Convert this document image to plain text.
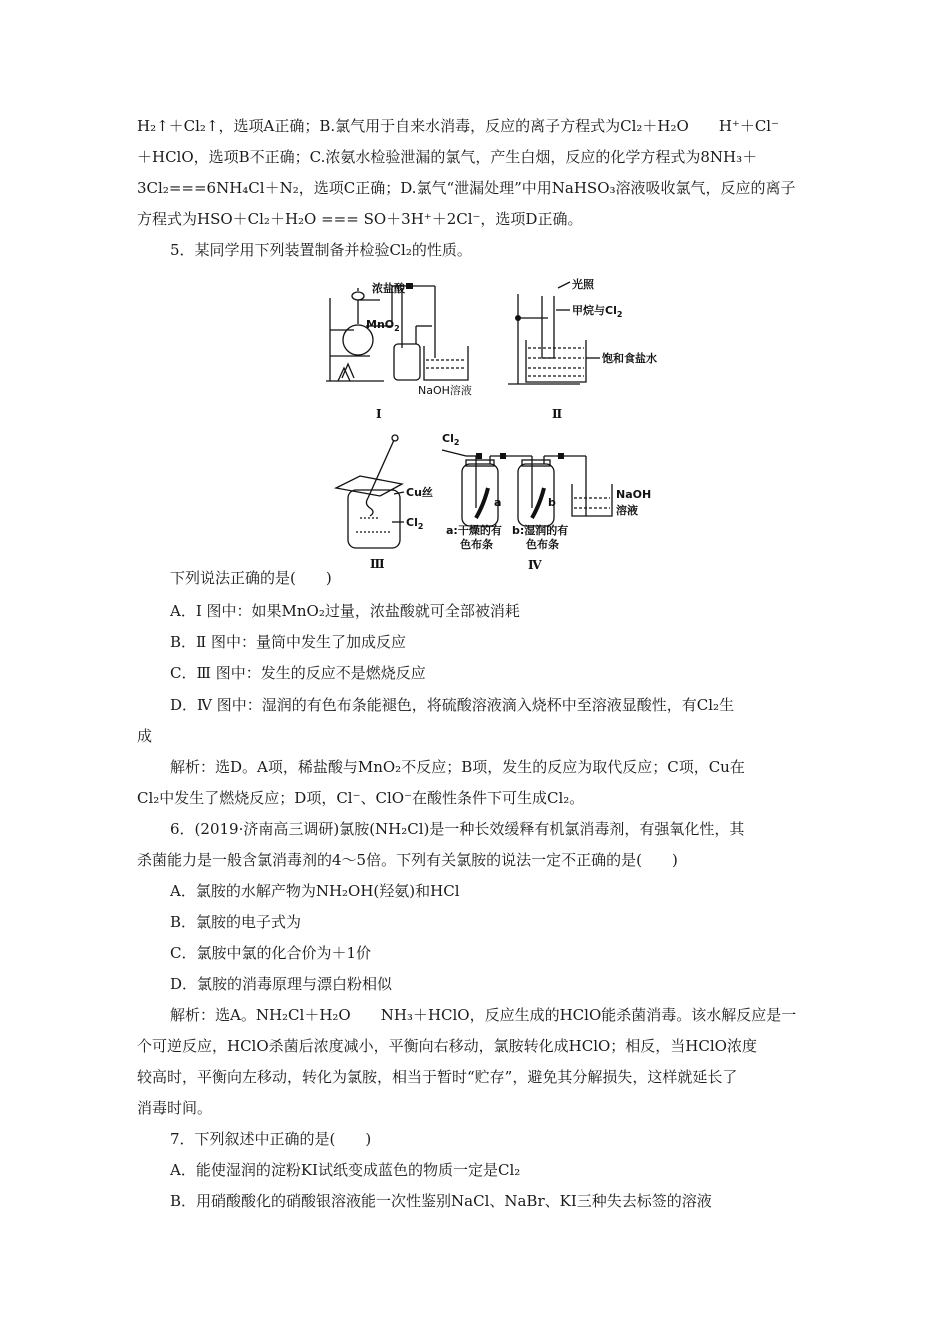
H₂↑＋Cl₂↑，选项A正确；B.氯气用于自来水消毒，反应的离子方程式为Cl₂＋H₂O　　H⁺＋Cl⁻
＋HClO，选项B不正确；C.浓氨水检验泄漏的氯气，产生白烟，反应的化学方程式为8NH₃＋
3Cl₂===6NH₄Cl＋N₂，选项C正确；D.氯气“泄漏处理”中用NaHSO₃溶液吸收氯气，反应的离子
方程式为HSO＋Cl₂＋H₂O === SO＋3H⁺＋2Cl⁻，选项D正确。
5．某同学用下列装置制备并检验Cl₂的性质。
下列说法正确的是(　　)
A．Ⅰ 图中：如果MnO₂过量，浓盐酸就可全部被消耗
B．Ⅱ 图中：量筒中发生了加成反应
C．Ⅲ 图中：发生的反应不是燃烧反应
D．Ⅳ 图中：湿润的有色布条能褪色，将硫酸溶液滴入烧杯中至溶液显酸性，有Cl₂生
成
解析：选D。A项，稀盐酸与MnO₂不反应；B项，发生的反应为取代反应；C项，Cu在
Cl₂中发生了燃烧反应；D项，Cl⁻、ClO⁻在酸性条件下可生成Cl₂。
6．(2019·济南高三调研)氯胺(NH₂Cl)是一种长效缓释有机氯消毒剂，有强氧化性，其
杀菌能力是一般含氯消毒剂的4～5倍。下列有关氯胺的说法一定不正确的是(　　)
A．氯胺的水解产物为NH₂OH(羟氨)和HCl
B．氯胺的电子式为
C．氯胺中氯的化合价为＋1价
D．氯胺的消毒原理与漂白粉相似
解析：选A。NH₂Cl＋H₂O　　NH₃＋HClO，反应生成的HClO能杀菌消毒。该水解反应是一
个可逆反应，HClO杀菌后浓度减小，平衡向右移动，氯胺转化成HClO；相反，当HClO浓度
较高时，平衡向左移动，转化为氯胺，相当于暂时“贮存”，避免其分解损失，这样就延长了
消毒时间。
7．下列叙述中正确的是(　　)
A．能使湿润的淀粉KI试纸变成蓝色的物质一定是Cl₂
B．用硝酸酸化的硝酸银溶液能一次性鉴别NaCl、NaBr、KI三种失去标签的溶液
浓盐酸
MnO$_2$
NaOH溶液
Ⅰ
光照
甲烷与$Cl_2$
饱和食盐水
Ⅱ
Cu丝
$Cl_2$
Ⅲ
$Cl_2$
a	b
a:干燥的有
色布条
b:湿润的有
色布条
NaOH
溶液
Ⅳ
